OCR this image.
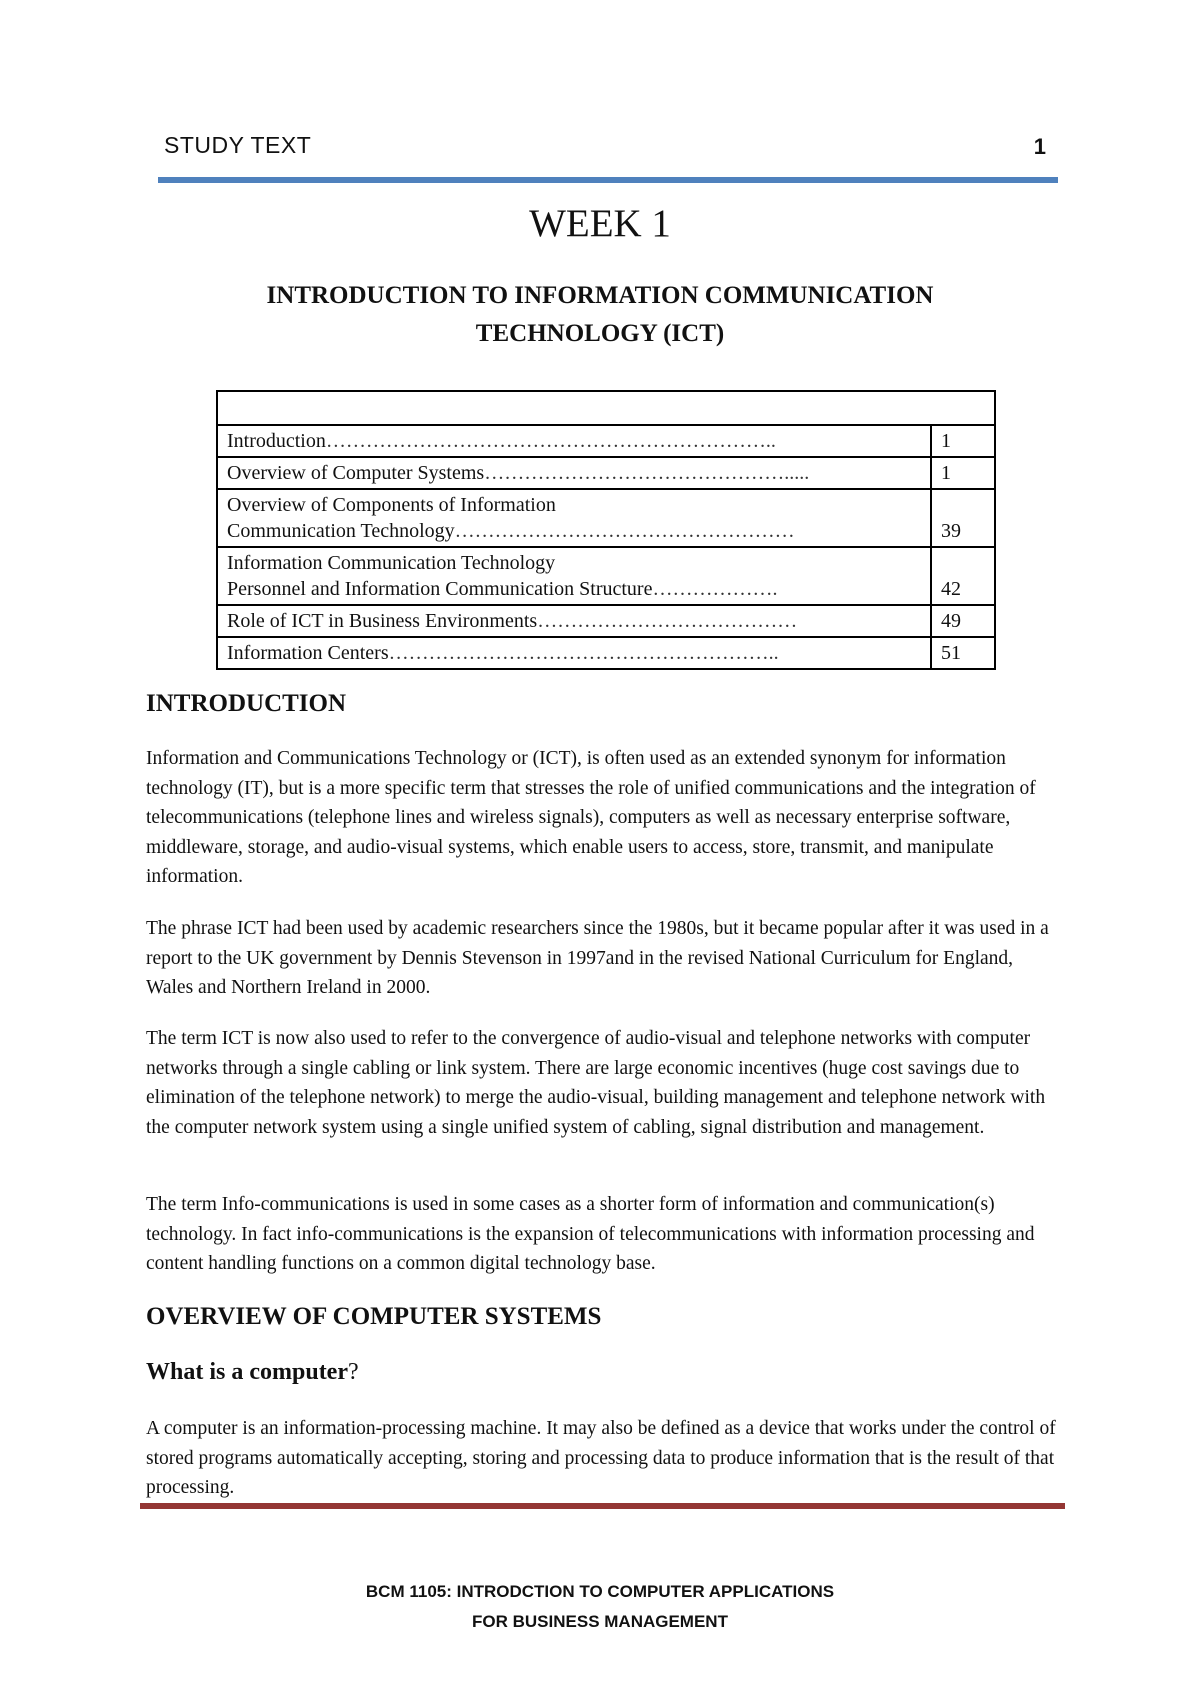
STUDY TEXT	1
WEEK 1
INTRODUCTION TO INFORMATION COMMUNICATION
TECHNOLOGY (ICT)

Introduction…………………………………………………………..	1
Overview of Computer Systems……………………………………….....	1

Overview of Components of Information
Communication Technology……………………………………………	39

Information Communication Technology
Personnel and Information Communication Structure……………….	42
Role of ICT in Business Environments…………………………………	49
Information Centers…………………………………………………..	51
INTRODUCTION

Information and Communications Technology or (ICT), is often used as an extended synonym for information technology (IT), but is a more specific term that stresses the role of unified communications and the integration of telecommunications (telephone lines and wireless signals), computers as well as necessary enterprise software, middleware, storage, and audio-visual systems, which enable users to access, store, transmit, and manipulate information.

The phrase ICT had been used by academic researchers since the 1980s, but it became popular after it was used in a report to the UK government by Dennis Stevenson in 1997and in the revised National Curriculum for England, Wales and Northern Ireland in 2000.

The term ICT is now also used to refer to the convergence of audio-visual and telephone networks with computer networks through a single cabling or link system. There are large economic incentives (huge cost savings due to elimination of the telephone network) to merge the audio-visual, building management and telephone network with the computer network system using a single unified system of cabling, signal distribution and management.

The term Info-communications is used in some cases as a shorter form of information and communication(s) technology. In fact info-communications is the expansion of telecommunications with information processing and content handling functions on a common digital technology base.

OVERVIEW OF COMPUTER SYSTEMS
What is a computer?

A computer is an information-processing machine. It may also be defined as a device that works under the control of stored programs automatically accepting, storing and processing data to produce information that is the result of that processing.

BCM 1105: INTRODCTION TO COMPUTER APPLICATIONS
FOR BUSINESS MANAGEMENT
